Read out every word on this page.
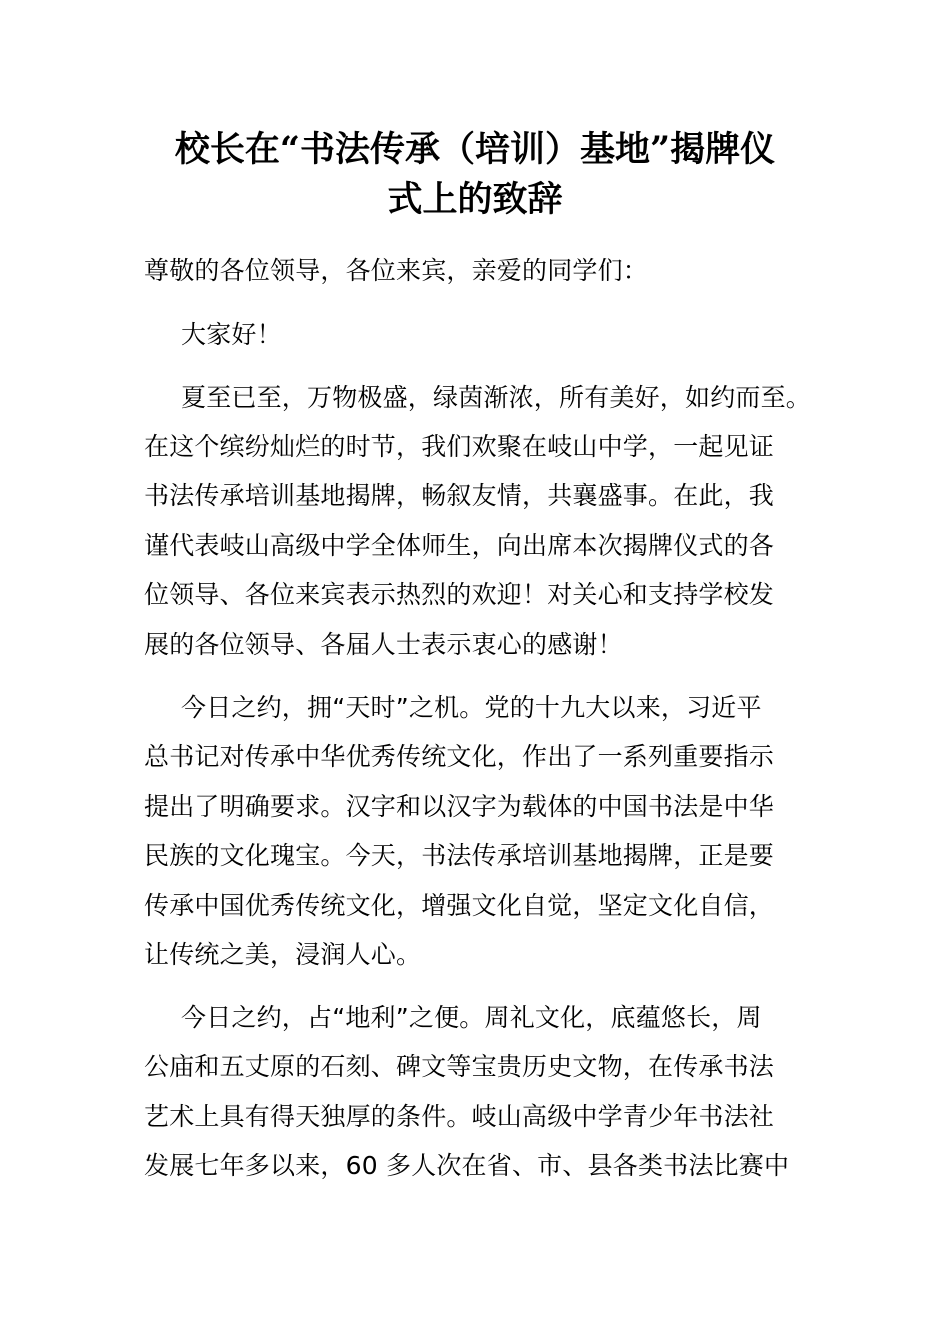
校长在“书法传承（培训）基地”揭牌仪
式上的致辞

尊敬的各位领导，各位来宾，亲爱的同学们：

大家好！

夏至已至，万物极盛，绿茵渐浓，所有美好，如约而至。

在这个缤纷灿烂的时节，我们欢聚在岐山中学，一起见证

书法传承培训基地揭牌，畅叙友情，共襄盛事。在此，我

谨代表岐山高级中学全体师生，向出席本次揭牌仪式的各

位领导、各位来宾表示热烈的欢迎！对关心和支持学校发

展的各位领导、各届人士表示衷心的感谢！

今日之约，拥“天时”之机。党的十九大以来，习近平

总书记对传承中华优秀传统文化，作出了一系列重要指示

提出了明确要求。汉字和以汉字为载体的中国书法是中华

民族的文化瑰宝。今天，书法传承培训基地揭牌，正是要

传承中国优秀传统文化，增强文化自觉，坚定文化自信，

让传统之美，浸润人心。

今日之约，占“地利”之便。周礼文化，底蕴悠长，周

公庙和五丈原的石刻、碑文等宝贵历史文物，在传承书法

艺术上具有得天独厚的条件。岐山高级中学青少年书法社

发展七年多以来，60 多人次在省、市、县各类书法比赛中
